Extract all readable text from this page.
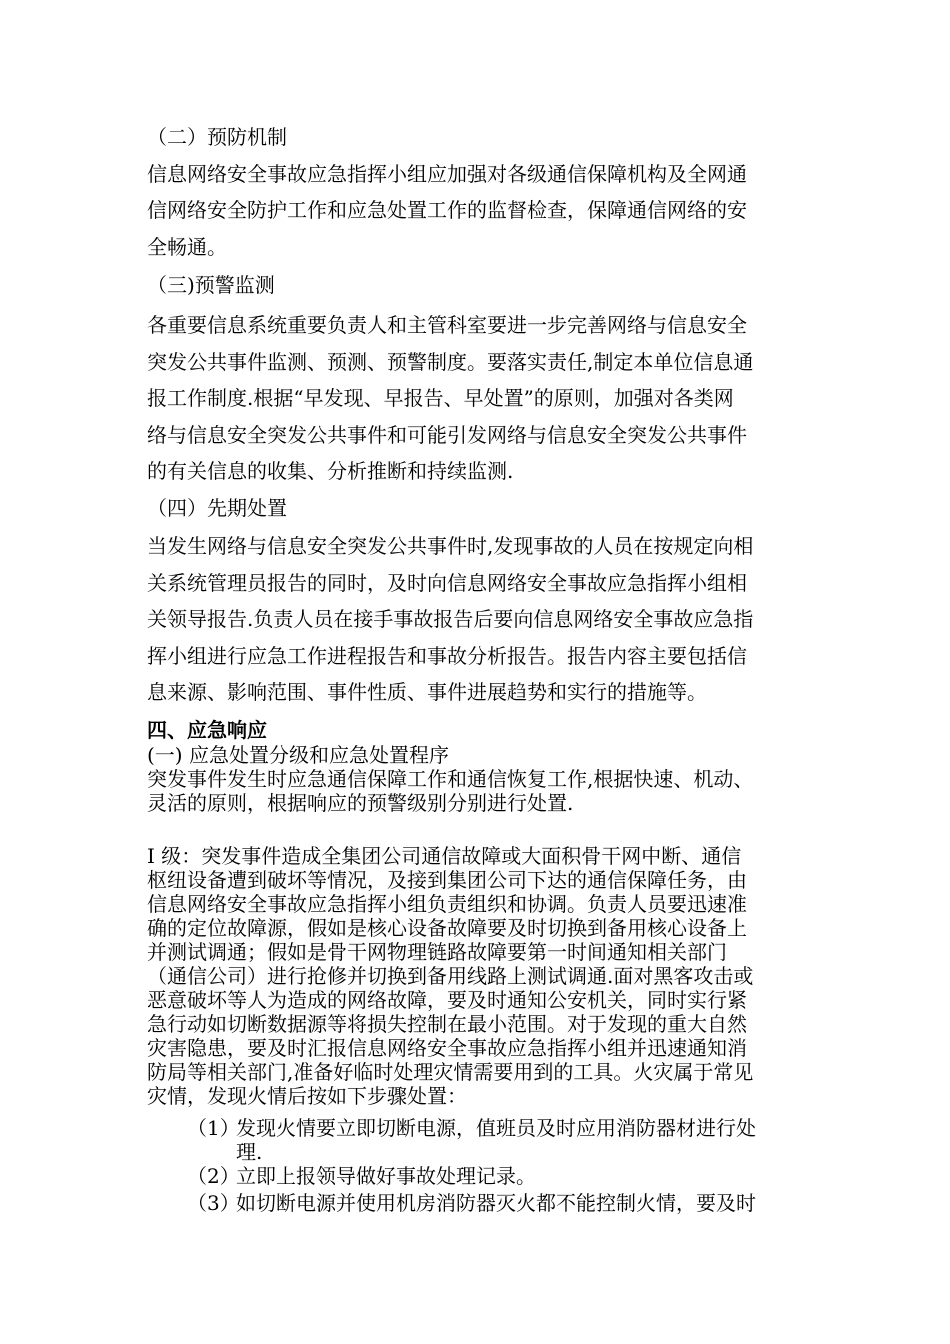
（二）预防机制
信息网络安全事故应急指挥小组应加强对各级通信保障机构及全网通
信网络安全防护工作和应急处置工作的监督检查，保障通信网络的安
全畅通。
（三)预警监测
各重要信息系统重要负责人和主管科室要进一步完善网络与信息安全
突发公共事件监测、预测、预警制度。要落实责任,制定本单位信息通
报工作制度.根据“早发现、早报告、早处置”的原则，加强对各类网
络与信息安全突发公共事件和可能引发网络与信息安全突发公共事件
的有关信息的收集、分析推断和持续监测.
（四）先期处置
当发生网络与信息安全突发公共事件时,发现事故的人员在按规定向相
关系统管理员报告的同时，及时向信息网络安全事故应急指挥小组相
关领导报告.负责人员在接手事故报告后要向信息网络安全事故应急指
挥小组进行应急工作进程报告和事故分析报告。报告内容主要包括信
息来源、影响范围、事件性质、事件进展趋势和实行的措施等。
四、应急响应
(一) 应急处置分级和应急处置程序
突发事件发生时应急通信保障工作和通信恢复工作,根据快速、机动、
灵活的原则，根据响应的预警级别分别进行处置.
Ⅰ 级：突发事件造成全集团公司通信故障或大面积骨干网中断、通信
枢纽设备遭到破坏等情况，及接到集团公司下达的通信保障任务，由
信息网络安全事故应急指挥小组负责组织和协调。负责人员要迅速准
确的定位故障源，假如是核心设备故障要及时切换到备用核心设备上
并测试调通；假如是骨干网物理链路故障要第一时间通知相关部门
（通信公司）进行抢修并切换到备用线路上测试调通.面对黑客攻击或
恶意破坏等人为造成的网络故障，要及时通知公安机关，同时实行紧
急行动如切断数据源等将损失控制在最小范围。对于发现的重大自然
灾害隐患，要及时汇报信息网络安全事故应急指挥小组并迅速通知消
防局等相关部门,准备好临时处理灾情需要用到的工具。火灾属于常见
灾情，发现火情后按如下步骤处置：
（1）
发现火情要立即切断电源，值班员及时应用消防器材进行处
理.
（2）
立即上报领导做好事故处理记录。
（3）
如切断电源并使用机房消防器灭火都不能控制火情，要及时
